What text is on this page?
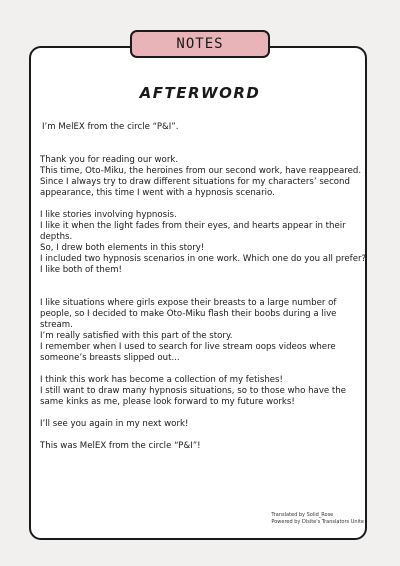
NOTES
AFTERWORD

I’m MelEX from the circle “P&I”.

Thank you for reading our work.
This time, Oto-Miku, the heroines from our second work, have reappeared.
Since I always try to draw different situations for my characters’ second appearance, this time I went with a hypnosis scenario.

I like stories involving hypnosis.
I like it when the light fades from their eyes, and hearts appear in their depths.
So, I drew both elements in this story!
I included two hypnosis scenarios in one work. Which one do you all prefer?
I like both of them!

I like situations where girls expose their breasts to a large number of people, so I decided to make Oto-Miku flash their boobs during a live stream.
I’m really satisfied with this part of the story.
I remember when I used to search for live stream oops videos where someone’s breasts slipped out...

I think this work has become a collection of my fetishes!
I still want to draw many hypnosis situations, so to those who have the same kinks as me, please look forward to my future works!

I’ll see you again in my next work!

This was MelEX from the circle “P&I”!

Translated by Solid_Rose
Powered by Dlsite's Translators Unite
